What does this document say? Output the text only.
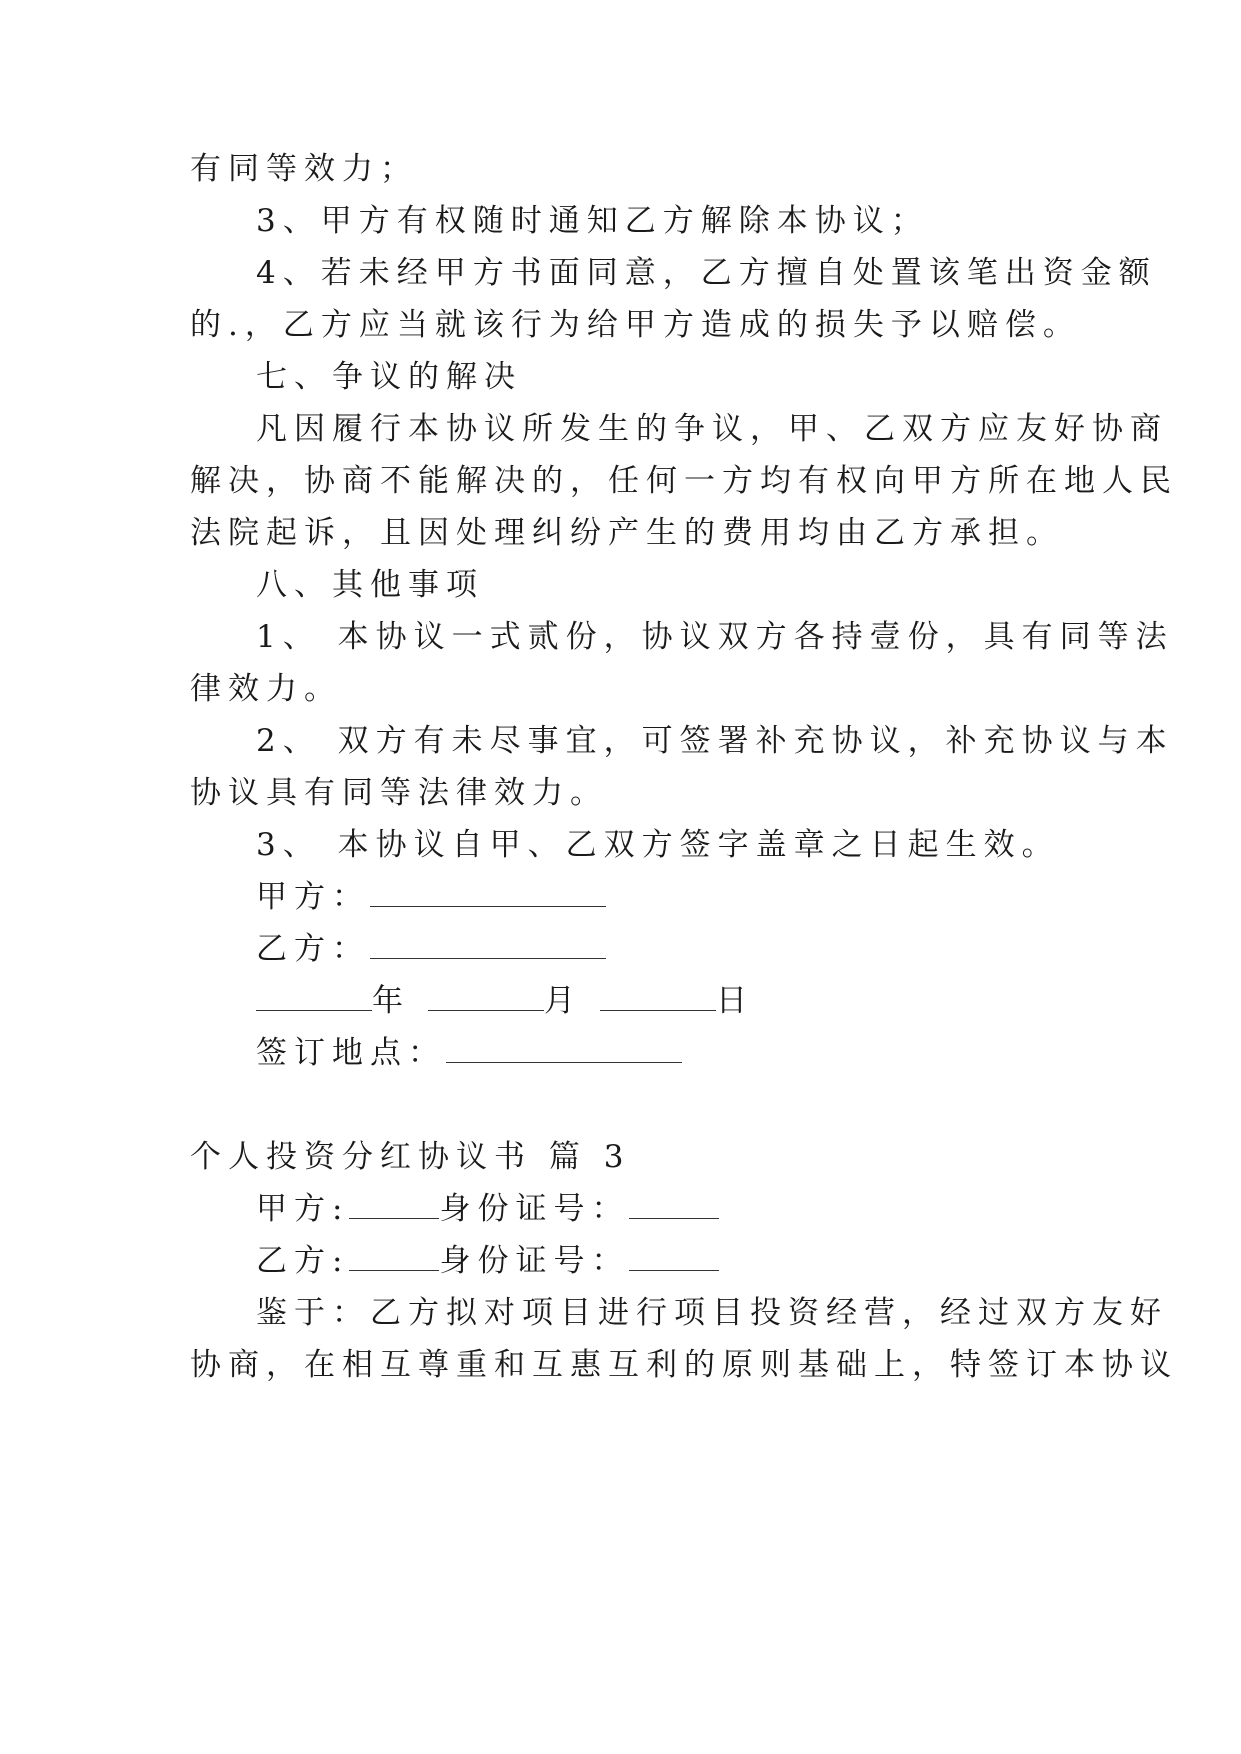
有同等效力；
3、甲方有权随时通知乙方解除本协议；
4、若未经甲方书面同意，乙方擅自处置该笔出资金额
的.，乙方应当就该行为给甲方造成的损失予以赔偿。
七、争议的解决
凡因履行本协议所发生的争议，甲、乙双方应友好协商
解决，协商不能解决的，任何一方均有权向甲方所在地人民
法院起诉，且因处理纠纷产生的费用均由乙方承担。
八、其他事项
1、 本协议一式贰份，协议双方各持壹份，具有同等法
律效力。
2、 双方有未尽事宜，可签署补充协议，补充协议与本
协议具有同等法律效力。
3、 本协议自甲、乙双方签字盖章之日起生效。
甲方：
乙方：
年	月	日
签订地点：
个人投资分红协议书 篇 3
甲方:	身份证号：
乙方:	身份证号：
鉴于：乙方拟对项目进行项目投资经营，经过双方友好
协商，在相互尊重和互惠互利的原则基础上，特签订本协议
